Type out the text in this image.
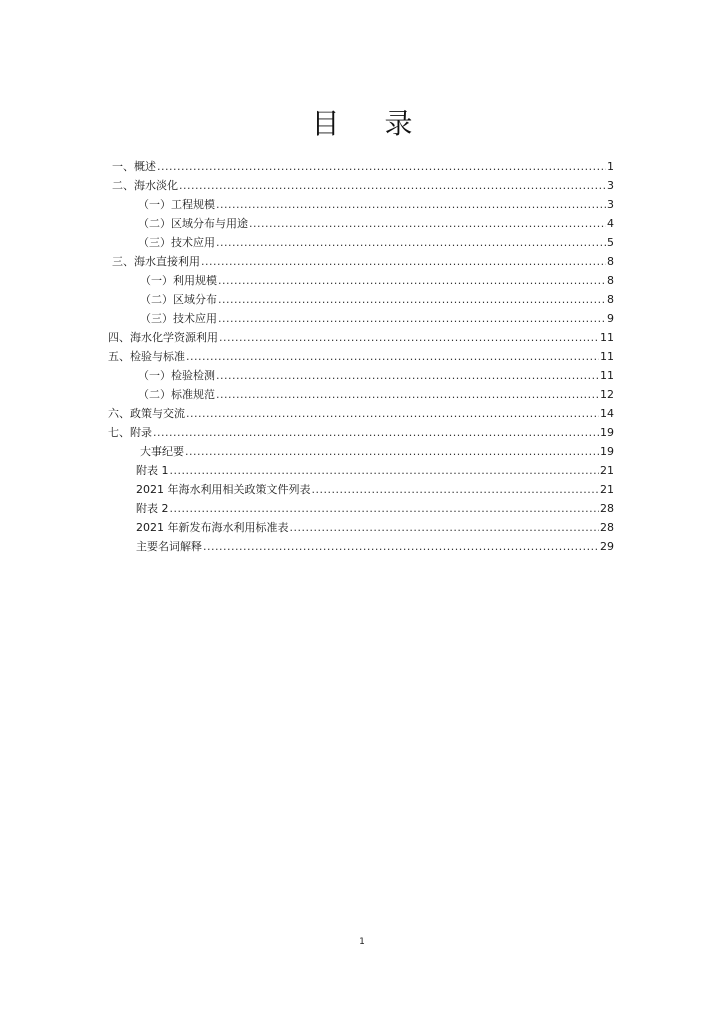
目 录
一、概述 .....	1
二、海水淡化 .....	3
（一）工程规模 .....	3
（二）区域分布与用途 .....	4
（三）技术应用 .....	5
三、海水直接利用 .....	8
（一）利用规模 .....	8
（二）区域分布 .....	8
（三）技术应用 .....	9
四、海水化学资源利用 .....	11
五、检验与标准 .....	11
（一）检验检测 .....	11
（二）标准规范 .....	12
六、政策与交流 .....	14
七、附录 .....	19
大事纪要 .....	19
附表 1 .....	21
2021 年海水利用相关政策文件列表 .....	21
附表 2 .....	28
2021 年新发布海水利用标准表 .....	28
主要名词解释 .....	29
1
